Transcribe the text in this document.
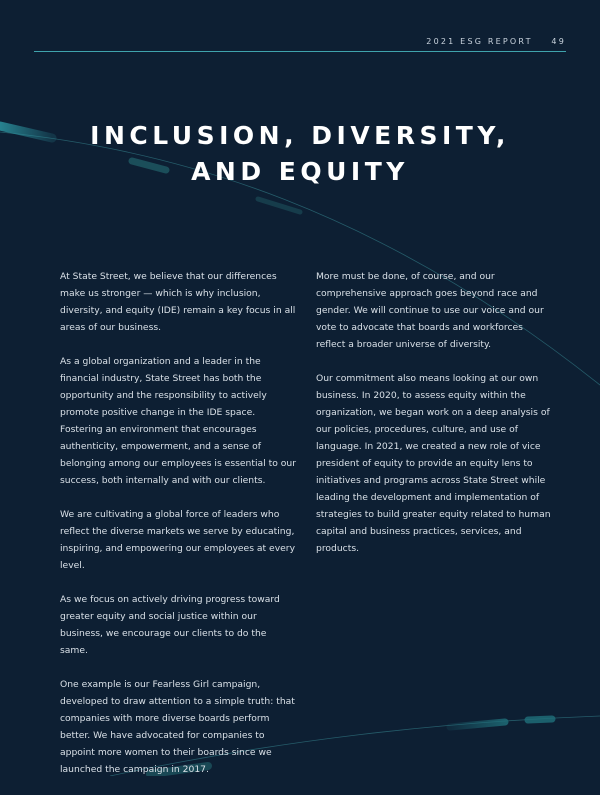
2021 ESG REPORT 49
INCLUSION, DIVERSITY,
AND EQUITY

At State Street, we believe that our differences make us stronger — which is why inclusion, diversity, and equity (IDE) remain a key focus in all areas of our business.

As a global organization and a leader in the financial industry, State Street has both the opportunity and the responsibility to actively promote positive change in the IDE space. Fostering an environment that encourages authenticity, empowerment, and a sense of belonging among our employees is essential to our success, both internally and with our clients.

We are cultivating a global force of leaders who reflect the diverse markets we serve by educating, inspiring, and empowering our employees at every level.

As we focus on actively driving progress toward greater equity and social justice within our business, we encourage our clients to do the same.

One example is our Fearless Girl campaign, developed to draw attention to a simple truth: that companies with more diverse boards perform better. We have advocated for companies to appoint more women to their boards since we launched the campaign in 2017.

More must be done, of course, and our comprehensive approach goes beyond race and gender. We will continue to use our voice and our vote to advocate that boards and workforces reflect a broader universe of diversity.

Our commitment also means looking at our own business. In 2020, to assess equity within the organization, we began work on a deep analysis of our policies, procedures, culture, and use of language. In 2021, we created a new role of vice president of equity to provide an equity lens to initiatives and programs across State Street while leading the development and implementation of strategies to build greater equity related to human capital and business practices, services, and products.
